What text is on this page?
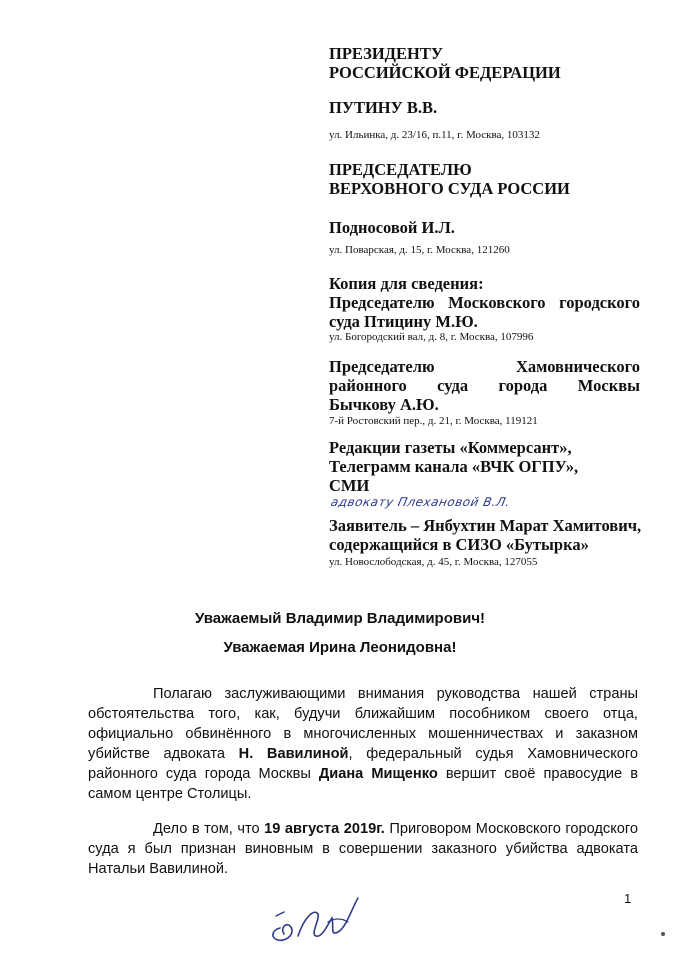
ПРЕЗИДЕНТУ
РОССИЙСКОЙ ФЕДЕРАЦИИ
ПУТИНУ В.В.
ул. Ильинка, д. 23/16, п.11, г. Москва, 103132
ПРЕДСЕДАТЕЛЮ
ВЕРХОВНОГО СУДА РОССИИ
Подносовой И.Л.
ул. Поварская, д. 15, г. Москва, 121260
Копия для сведения:
Председателю Московского городского
суда Птицину М.Ю.
ул. Богородский вал, д. 8, г. Москва, 107996
Председателю Хамовнического
районного суда города Москвы
Бычкову А.Ю.
7-й Ростовский пер., д. 21, г. Москва, 119121
Редакции газеты «Коммерсант»,
Телеграмм канала «ВЧК ОГПУ»,
СМИ
адвокату Плехановой В.Л.
Заявитель – Янбухтин Марат Хамитович,
содержащийся в СИЗО «Бутырка»
ул. Новослободская, д. 45, г. Москва, 127055
Уважаемый Владимир Владимирович!
Уважаемая Ирина Леонидовна!
Полагаю заслуживающими внимания руководства нашей страны
обстоятельства того, как, будучи ближайшим пособником своего отца,
официально обвинённого в многочисленных мошенничествах и заказном
убийстве адвоката Н. Вавилиной, федеральный судья Хамовнического
районного суда города Москвы Диана Мищенко вершит своё правосудие в
самом центре Столицы.
Дело в том, что 19 августа 2019г. Приговором Московского городского
суда я был признан виновным в совершении заказного убийства адвоката
Натальи Вавилиной.
1
